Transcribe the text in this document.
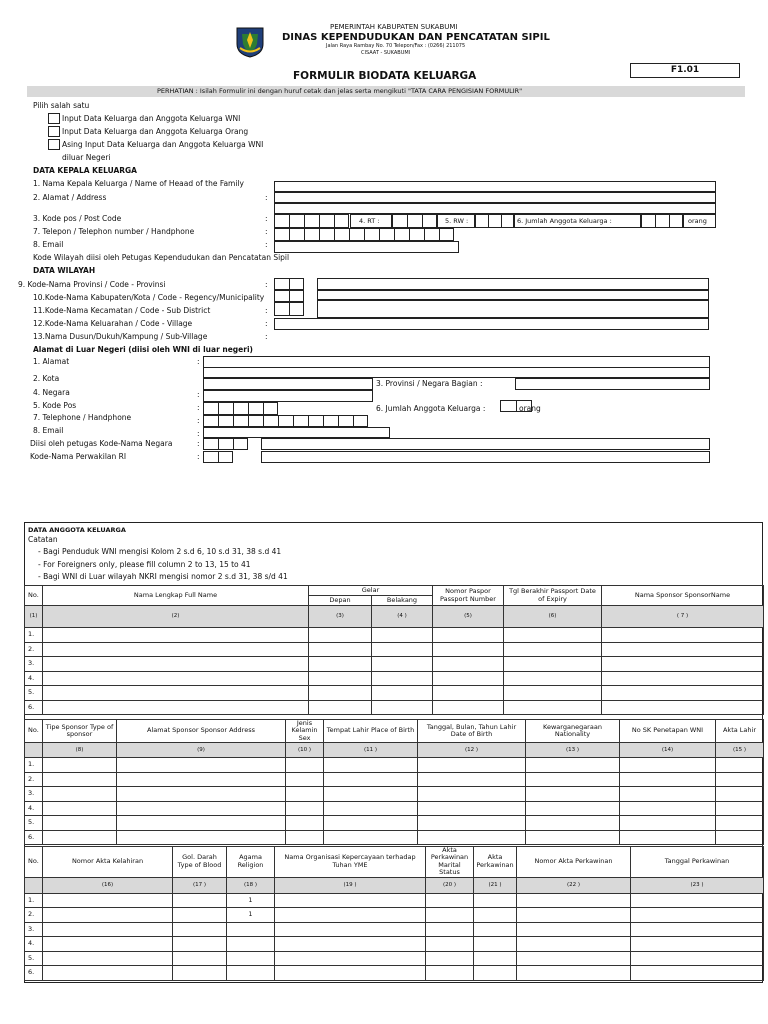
PEMERINTAH KABUPATEN SUKABUMI
DINAS KEPENDUDUKAN DAN PENCATATAN SIPIL
Jalan Raya Rambay No. 70 Telepon/Fax : (0266) 211075
CISAAT - SUKABUMI
F1.01
FORMULIR BIODATA KELUARGA
PERHATIAN : Isilah Formulir ini dengan huruf cetak dan jelas serta mengikuti "TATA CARA PENGISIAN FORMULIR"
Pilih salah satu
Input Data Keluarga dan Anggota Keluarga WNI
Input Data Keluarga dan Anggota Keluarga Orang
Asing Input Data Keluarga dan Anggota Keluarga WNI
diluar Negeri
DATA KEPALA KELUARGA
1. Nama Kepala Keluarga / Name of Heaad of the Family
2. Alamat / Address	:
3. Kode pos / Post Code	:	4. RT :	5. RW :	6. Jumlah Anggota Keluarga :	orang
7. Telepon / Telephon number / Handphone	:
8. Email	:
Kode Wilayah diisi oleh Petugas Kependudukan dan Pencatatan Sipil
DATA WILAYAH
9. Kode-Nama Provinsi / Code - Provinsi	:
10.Kode-Nama Kabupaten/Kota / Code - Regency/Municipality
11.Kode-Nama Kecamatan / Code - Sub District	:
12.Kode-Nama Keluarahan / Code - Village	:
13.Nama Dusun/Dukuh/Kampung / Sub-Village	:
Alamat di Luar Negeri (diisi oleh WNI di luar negeri)
1. Alamat	:
2. Kota
3. Provinsi / Negara Bagian :
4. Negara	:
5. Kode Pos	:	6. Jumlah Anggota Keluarga :	orang
7. Telephone / Handphone	:
8. Email	:
Diisi oleh petugas Kode-Nama Negara	:
Kode-Nama Perwakilan RI	:
DATA ANGGOTA KELUARGA
Catatan
- Bagi Penduduk WNI mengisi Kolom 2 s.d 6, 10 s.d 31, 38 s.d 41
- For Foreigners only, please fill column 2 to 13, 15 to 41
- Bagi WNI di Luar wilayah NKRI mengisi nomor 2 s.d 31, 38 s/d 41
No.	Nama Lengkap Full Name	Gelar		Nomor Paspor Passport Number	Tgl Berakhir Passport Date of Expiry	Nama Sponsor SponsorName
		Depan	Belakang			
(1)	(2)	(3)	(4 )	(5)	(6)	( 7 )
1.						
2.						
3.						
4.						
5.						
6.						
No.	Tipe Sponsor Type of sponsor	Alamat Sponsor Sponsor Address	Jenis Kelamin Sex	Tempat Lahir Place of Birth	Tanggal, Bulan, Tahun Lahir Date of Birth	Kewarganegaraan Nationality	No SK Penetapan WNI	Akta Lahir
	(8)	(9)	(10 )	(11 )	(12 )	(13 )	(14)	(15 )
1.								
2.								
3.								
4.								
5.								
6.								
No.	Nomor Akta Kelahiran	Gol. Darah Type of Blood	Agama Religion	Nama Organisasi Kepercayaan terhadap Tuhan YME	Akta Perkawinan Marital Status	Akta Perkawinan	Nomor Akta Perkawinan	Tanggal Perkawinan
	(16)	(17 )	(18 )	(19 )	(20 )	(21 )	(22 )	(23 )
1.			1					
2.			1					
3.								
4.								
5.								
6.								
